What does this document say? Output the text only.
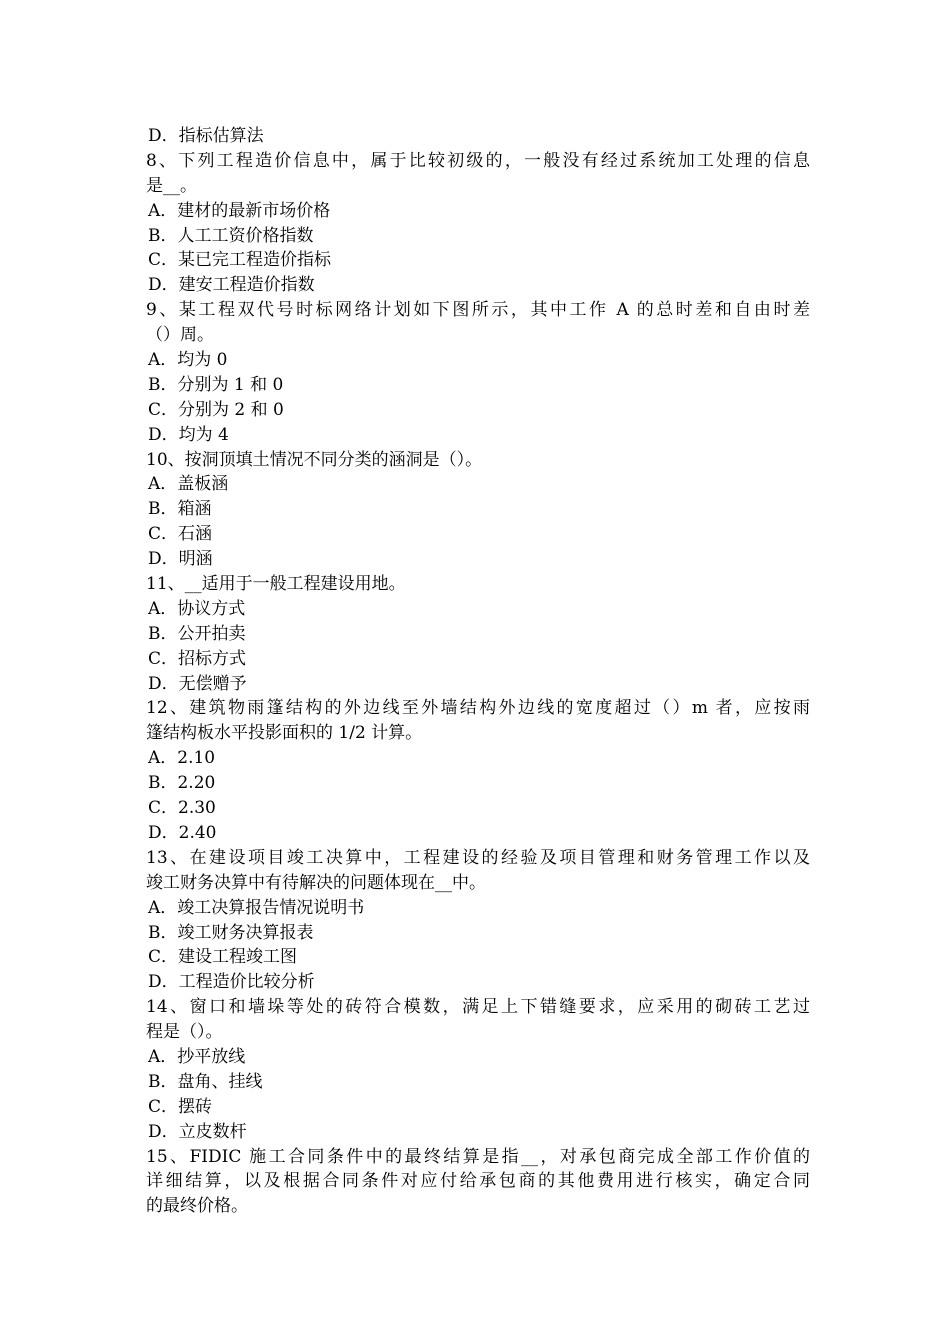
D．指标估算法
8、下列工程造价信息中，属于比较初级的，一般没有经过系统加工处理的信息
是__。
A．建材的最新市场价格
B．人工工资价格指数
C．某已完工程造价指标
D．建安工程造价指数
9、某工程双代号时标网络计划如下图所示，其中工作 A 的总时差和自由时差
（）周。
A．均为 0
B．分别为 1 和 0
C．分别为 2 和 0
D．均为 4
10、按洞顶填土情况不同分类的涵洞是（）。
A．盖板涵
B．箱涵
C．石涵
D．明涵
11、__适用于一般工程建设用地。
A．协议方式
B．公开拍卖
C．招标方式
D．无偿赠予
12、建筑物雨篷结构的外边线至外墙结构外边线的宽度超过（）m 者，应按雨
篷结构板水平投影面积的 1/2 计算。
A．2.10
B．2.20
C．2.30
D．2.40
13、在建设项目竣工决算中，工程建设的经验及项目管理和财务管理工作以及
竣工财务决算中有待解决的问题体现在__中。
A．竣工决算报告情况说明书
B．竣工财务决算报表
C．建设工程竣工图
D．工程造价比较分析
14、窗口和墙垛等处的砖符合模数，满足上下错缝要求，应采用的砌砖工艺过
程是（）。
A．抄平放线
B．盘角、挂线
C．摆砖
D．立皮数杆
15、FIDIC 施工合同条件中的最终结算是指__，对承包商完成全部工作价值的
详细结算，以及根据合同条件对应付给承包商的其他费用进行核实，确定合同
的最终价格。
